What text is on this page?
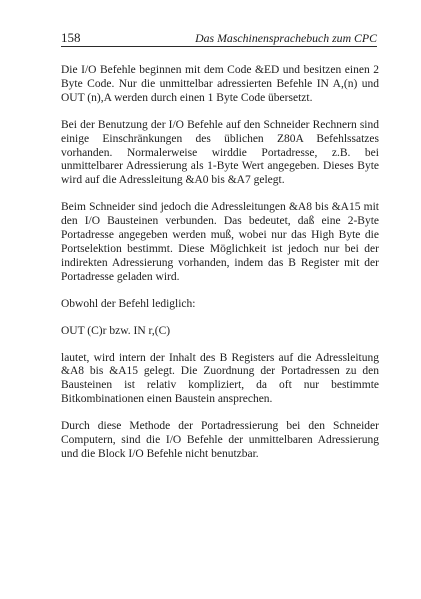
158	Das Maschinensprachebuch zum CPC

Die I/O Befehle beginnen mit dem Code &ED und besitzen einen 2 Byte Code. Nur die unmittelbar adressierten Befehle IN A,(n) und OUT (n),A werden durch einen 1 Byte Code übersetzt.

Bei der Benutzung der I/O Befehle auf den Schneider Rechnern sind einige Einschränkungen des üblichen Z80A Befehlssatzes vorhanden. Normalerweise wirddie Portadresse, z.B. bei unmittelbarer Adressierung als 1-Byte Wert angegeben. Dieses Byte wird auf die Adressleitung &A0 bis &A7 gelegt.

Beim Schneider sind jedoch die Adressleitungen &A8 bis &A15 mit den I/O Bausteinen verbunden. Das bedeutet, daß eine 2-Byte Portadresse angegeben werden muß, wobei nur das High Byte die Portselektion bestimmt. Diese Möglichkeit ist jedoch nur bei der indirekten Adressierung vorhanden, indem das B Register mit der Portadresse geladen wird.

Obwohl der Befehl lediglich:

OUT (C)r bzw. IN r,(C)

lautet, wird intern der Inhalt des B Registers auf die Adressleitung &A8 bis &A15 gelegt. Die Zuordnung der Portadressen zu den Bausteinen ist relativ kompliziert, da oft nur bestimmte Bitkombinationen einen Baustein ansprechen.

Durch diese Methode der Portadressierung bei den Schneider Computern, sind die I/O Befehle der unmittelbaren Adressierung und die Block I/O Befehle nicht benutzbar.
